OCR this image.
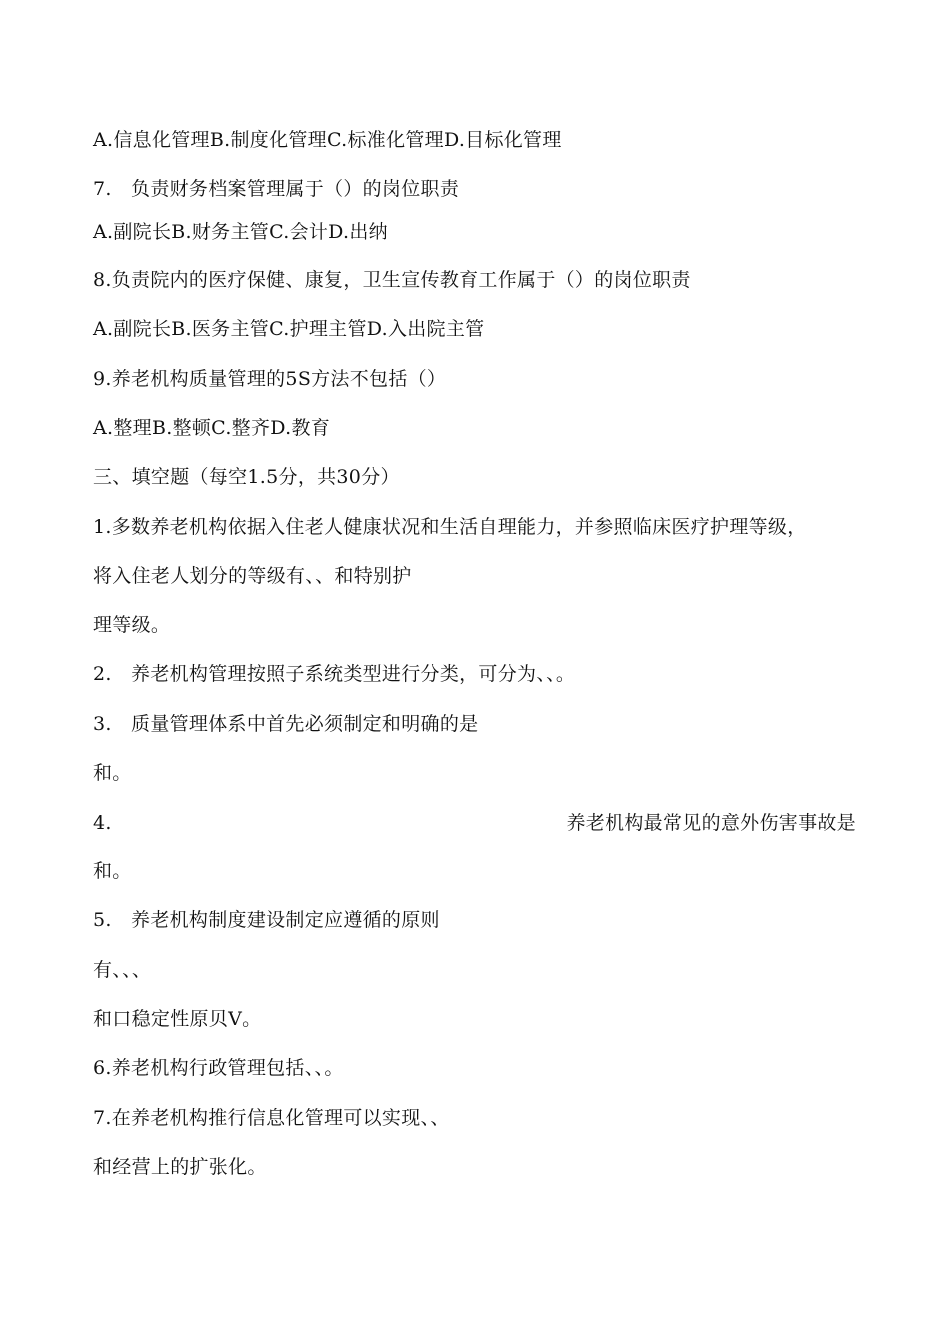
A.信息化管理B.制度化管理C.标准化管理D.目标化管理
7.　负责财务档案管理属于（）的岗位职责
A.副院长B.财务主管C.会计D.出纳
8.负责院内的医疗保健、康复，卫生宣传教育工作属于（）的岗位职责
A.副院长B.医务主管C.护理主管D.入出院主管
9.养老机构质量管理的5S方法不包括（）
A.整理B.整顿C.整齐D.教育
三、填空题（每空1.5分，共30分）
1.多数养老机构依据入住老人健康状况和生活自理能力，并参照临床医疗护理等级，
将入住老人划分的等级有、、和特别护
理等级。
2.　养老机构管理按照子系统类型进行分类，可分为、、。
3.　质量管理体系中首先必须制定和明确的是
和。
4.	养老机构最常见的意外伤害事故是
和。
5.　养老机构制度建设制定应遵循的原则
有、、、
和口稳定性原贝V。
6.养老机构行政管理包括、、。
7.在养老机构推行信息化管理可以实现、、
和经营上的扩张化。
